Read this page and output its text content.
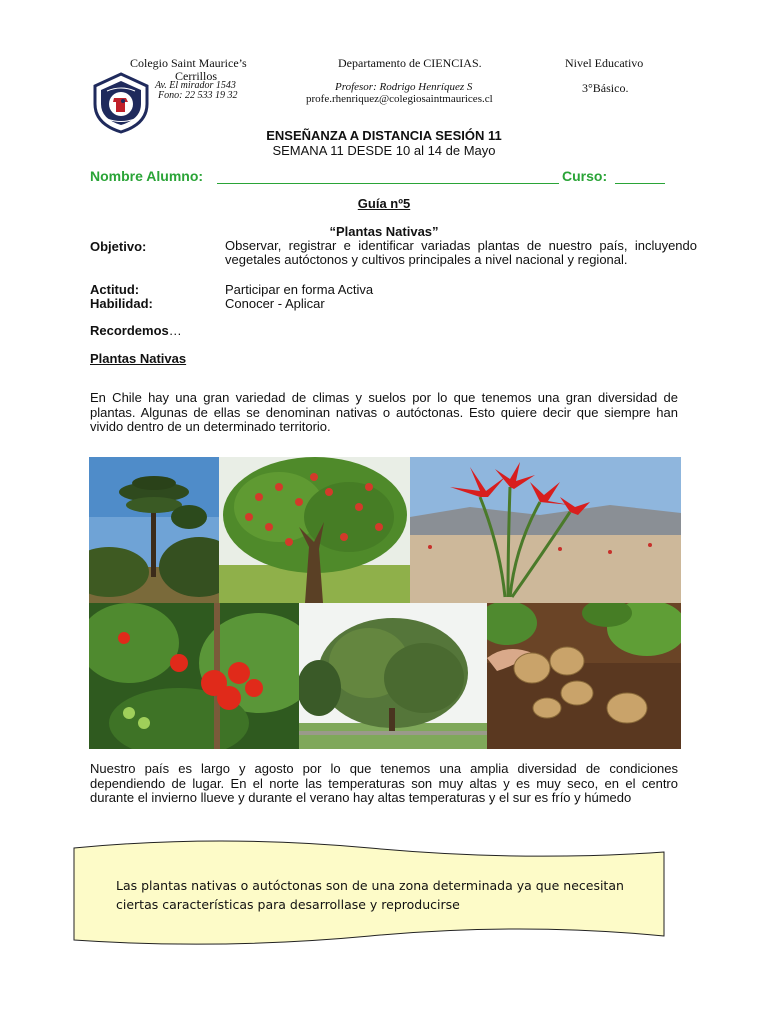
Colegio Saint Maurice’s
Cerrillos
Av. El mirador 1543
Fono: 22 533 19 32
Departamento de CIENCIAS.
Profesor: Rodrigo Henríquez S
profe.rhenriquez@colegiosaintmaurices.cl
Nivel Educativo
3°Básico.
ENSEÑANZA A DISTANCIA SESIÓN 11
SEMANA 11 DESDE 10 al 14 de Mayo
Nombre Alumno:	Curso:
Guía nº5
“Plantas Nativas”
Objetivo:	Observar, registrar e identificar variadas plantas de nuestro país, incluyendo vegetales autóctonos y cultivos principales a nivel nacional y regional.
Actitud:	Participar en forma Activa
Habilidad:	Conocer - Aplicar
Recordemos…
Plantas Nativas
En Chile hay una gran variedad de climas y suelos por lo que tenemos una gran diversidad de plantas. Algunas de ellas se denominan nativas o autóctonas. Esto quiere decir que siempre han vivido dentro de un determinado territorio.
Nuestro país es largo y agosto por lo que tenemos una amplia diversidad de condiciones dependiendo de lugar. En el norte las temperaturas son muy altas y es muy seco, en el centro durante el invierno llueve y durante el verano hay altas temperaturas y el sur es frío y húmedo
Las plantas nativas o autóctonas son de una zona determinada ya que necesitan ciertas características para desarrollase y reproducirse
